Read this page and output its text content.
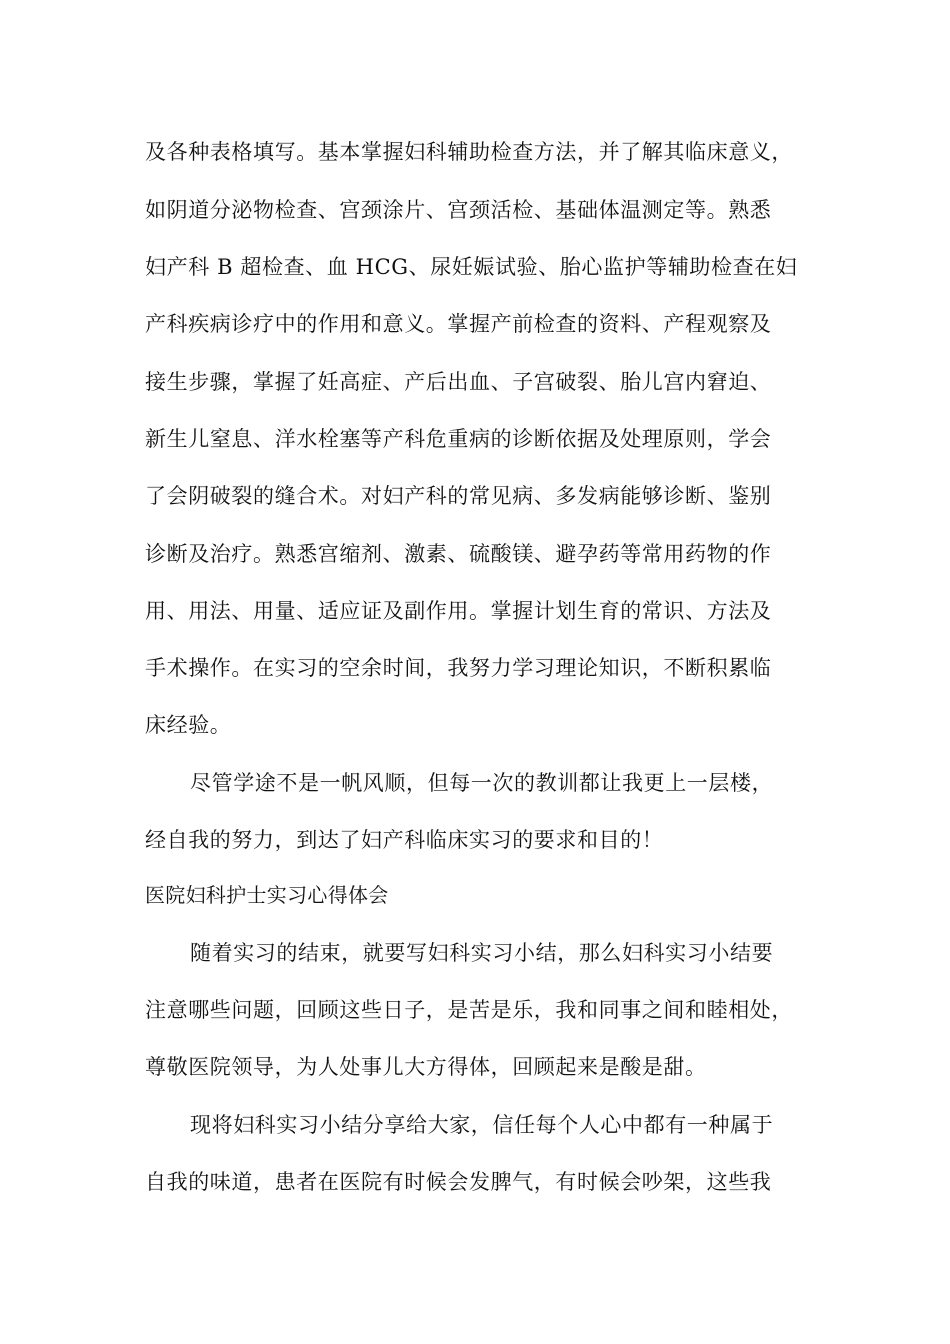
及各种表格填写。基本掌握妇科辅助检查方法，并了解其临床意义，
如阴道分泌物检查、宫颈涂片、宫颈活检、基础体温测定等。熟悉
妇产科 B 超检查、血 HCG、尿妊娠试验、胎心监护等辅助检查在妇
产科疾病诊疗中的作用和意义。掌握产前检查的资料、产程观察及
接生步骤，掌握了妊高症、产后出血、子宫破裂、胎儿宫内窘迫、
新生儿窒息、洋水栓塞等产科危重病的诊断依据及处理原则，学会
了会阴破裂的缝合术。对妇产科的常见病、多发病能够诊断、鉴别
诊断及治疗。熟悉宫缩剂、激素、硫酸镁、避孕药等常用药物的作
用、用法、用量、适应证及副作用。掌握计划生育的常识、方法及
手术操作。在实习的空余时间，我努力学习理论知识，不断积累临
床经验。
尽管学途不是一帆风顺，但每一次的教训都让我更上一层楼，
经自我的努力，到达了妇产科临床实习的要求和目的！
医院妇科护士实习心得体会
随着实习的结束，就要写妇科实习小结，那么妇科实习小结要
注意哪些问题，回顾这些日子，是苦是乐，我和同事之间和睦相处，
尊敬医院领导，为人处事儿大方得体，回顾起来是酸是甜。
现将妇科实习小结分享给大家，信任每个人心中都有一种属于
自我的味道，患者在医院有时候会发脾气，有时候会吵架，这些我
